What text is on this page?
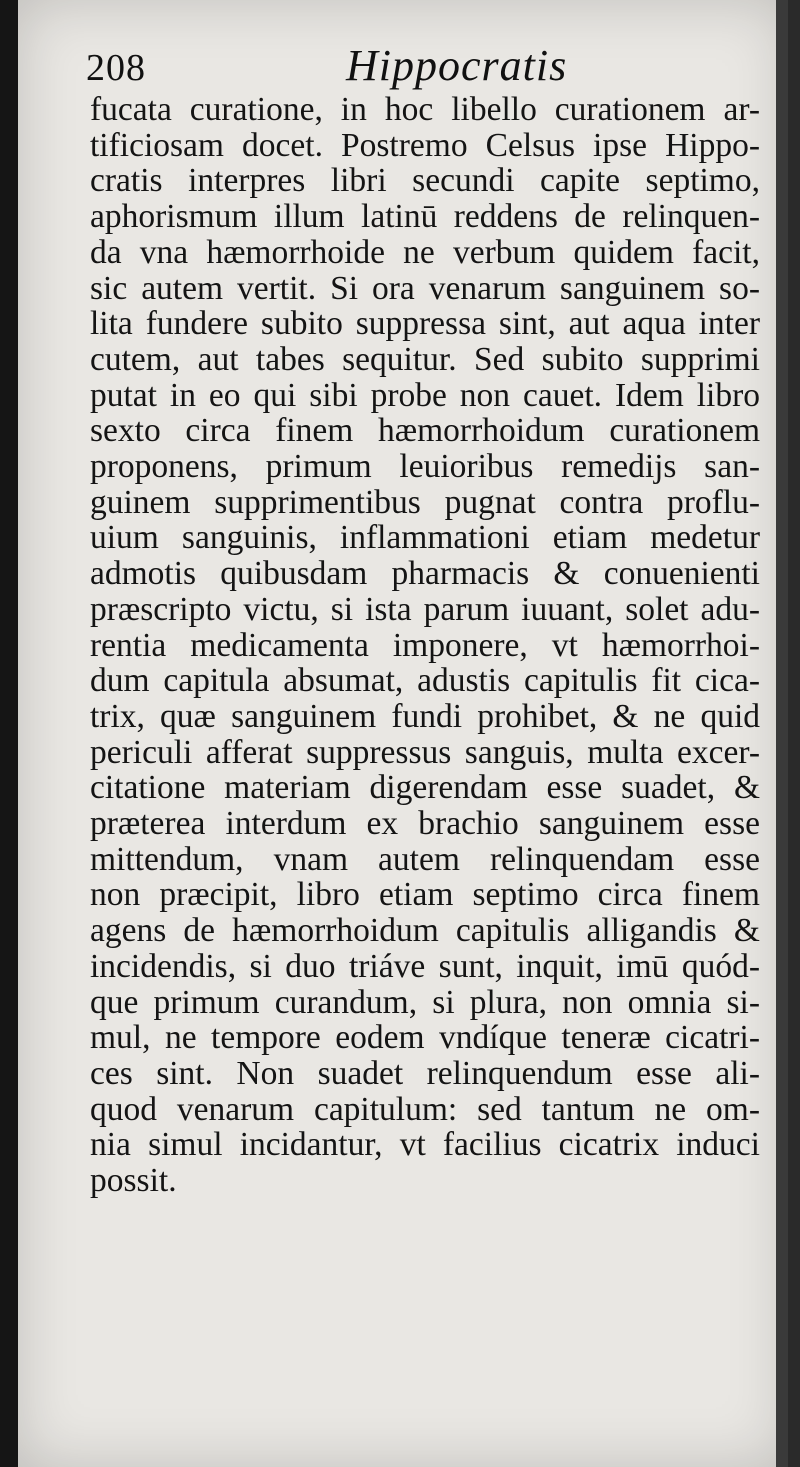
208	Hippocratis
fucata curatione, in hoc libello curationem ar-
tificiosam docet. Postremo Celsus ipse Hippo-
cratis interpres libri secundi capite septimo,
aphorismum illum latinū reddens de relinquen-
da vna hæmorrhoide ne verbum quidem facit,
sic autem vertit. Si ora venarum sanguinem so-
lita fundere subito suppressa sint, aut aqua inter
cutem, aut tabes sequitur. Sed subito supprimi
putat in eo qui sibi probe non cauet. Idem libro
sexto circa finem hæmorrhoidum curationem
proponens, primum leuioribus remedijs san-
guinem supprimentibus pugnat contra proflu-
uium sanguinis, inflammationi etiam medetur
admotis quibusdam pharmacis & conuenienti
præscripto victu, si ista parum iuuant, solet adu-
rentia medicamenta imponere, vt hæmorrhoi-
dum capitula absumat, adustis capitulis fit cica-
trix, quæ sanguinem fundi prohibet, & ne quid
periculi afferat suppressus sanguis, multa excer-
citatione materiam digerendam esse suadet, &
præterea interdum ex brachio sanguinem esse
mittendum, vnam autem relinquendam esse
non præcipit, libro etiam septimo circa finem
agens de hæmorrhoidum capitulis alligandis &
incidendis, si duo triáve sunt, inquit, imū quód-
que primum curandum, si plura, non omnia si-
mul, ne tempore eodem vndíque teneræ cicatri-
ces sint. Non suadet relinquendum esse ali-
quod venarum capitulum: sed tantum ne om-
nia simul incidantur, vt facilius cicatrix induci
possit.
